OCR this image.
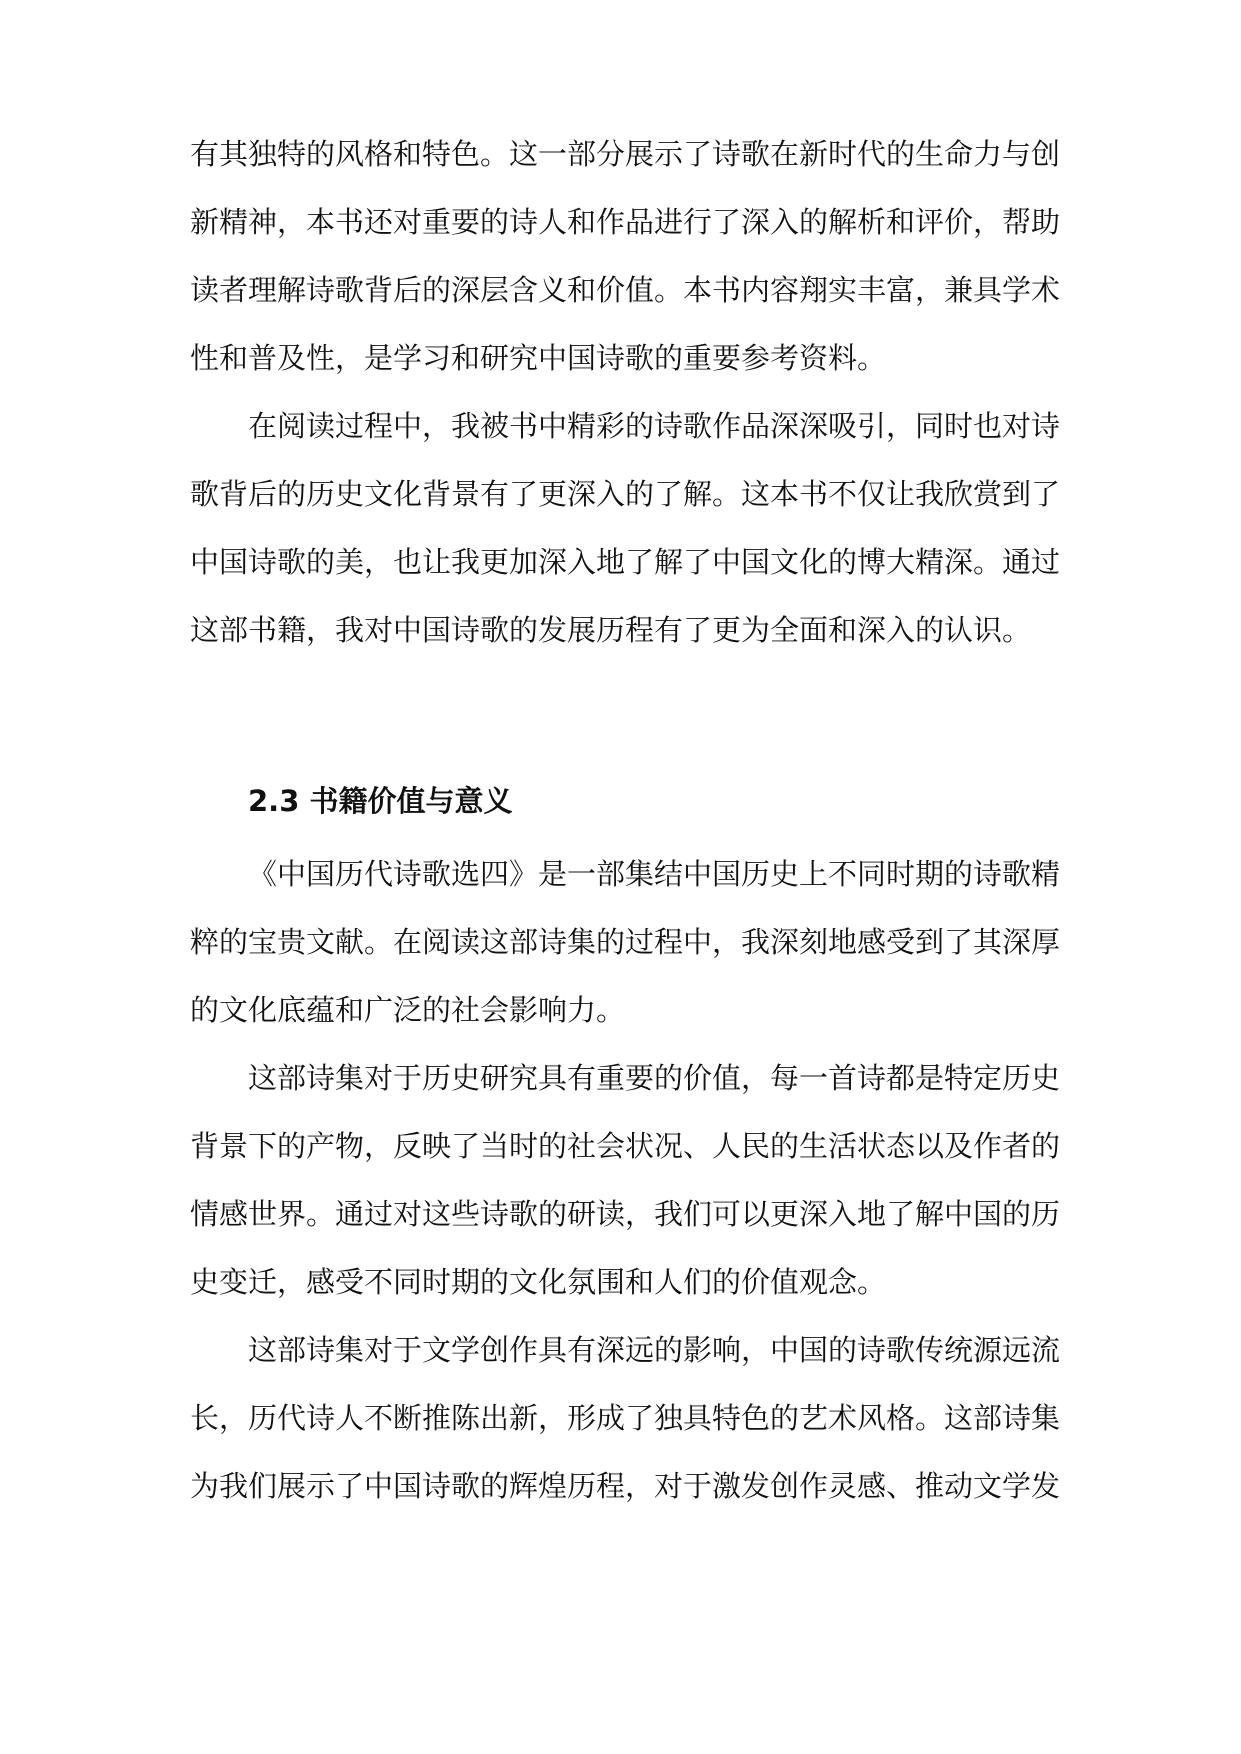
有其独特的风格和特色。这一部分展示了诗歌在新时代的生命力与创
新精神，本书还对重要的诗人和作品进行了深入的解析和评价，帮助
读者理解诗歌背后的深层含义和价值。本书内容翔实丰富，兼具学术
性和普及性，是学习和研究中国诗歌的重要参考资料。
在阅读过程中，我被书中精彩的诗歌作品深深吸引，同时也对诗
歌背后的历史文化背景有了更深入的了解。这本书不仅让我欣赏到了
中国诗歌的美，也让我更加深入地了解了中国文化的博大精深。通过
这部书籍，我对中国诗歌的发展历程有了更为全面和深入的认识。
2.3 书籍价值与意义
《中国历代诗歌选四》是一部集结中国历史上不同时期的诗歌精
粹的宝贵文献。在阅读这部诗集的过程中，我深刻地感受到了其深厚
的文化底蕴和广泛的社会影响力。
这部诗集对于历史研究具有重要的价值，每一首诗都是特定历史
背景下的产物，反映了当时的社会状况、人民的生活状态以及作者的
情感世界。通过对这些诗歌的研读，我们可以更深入地了解中国的历
史变迁，感受不同时期的文化氛围和人们的价值观念。
这部诗集对于文学创作具有深远的影响，中国的诗歌传统源远流
长，历代诗人不断推陈出新，形成了独具特色的艺术风格。这部诗集
为我们展示了中国诗歌的辉煌历程，对于激发创作灵感、推动文学发
